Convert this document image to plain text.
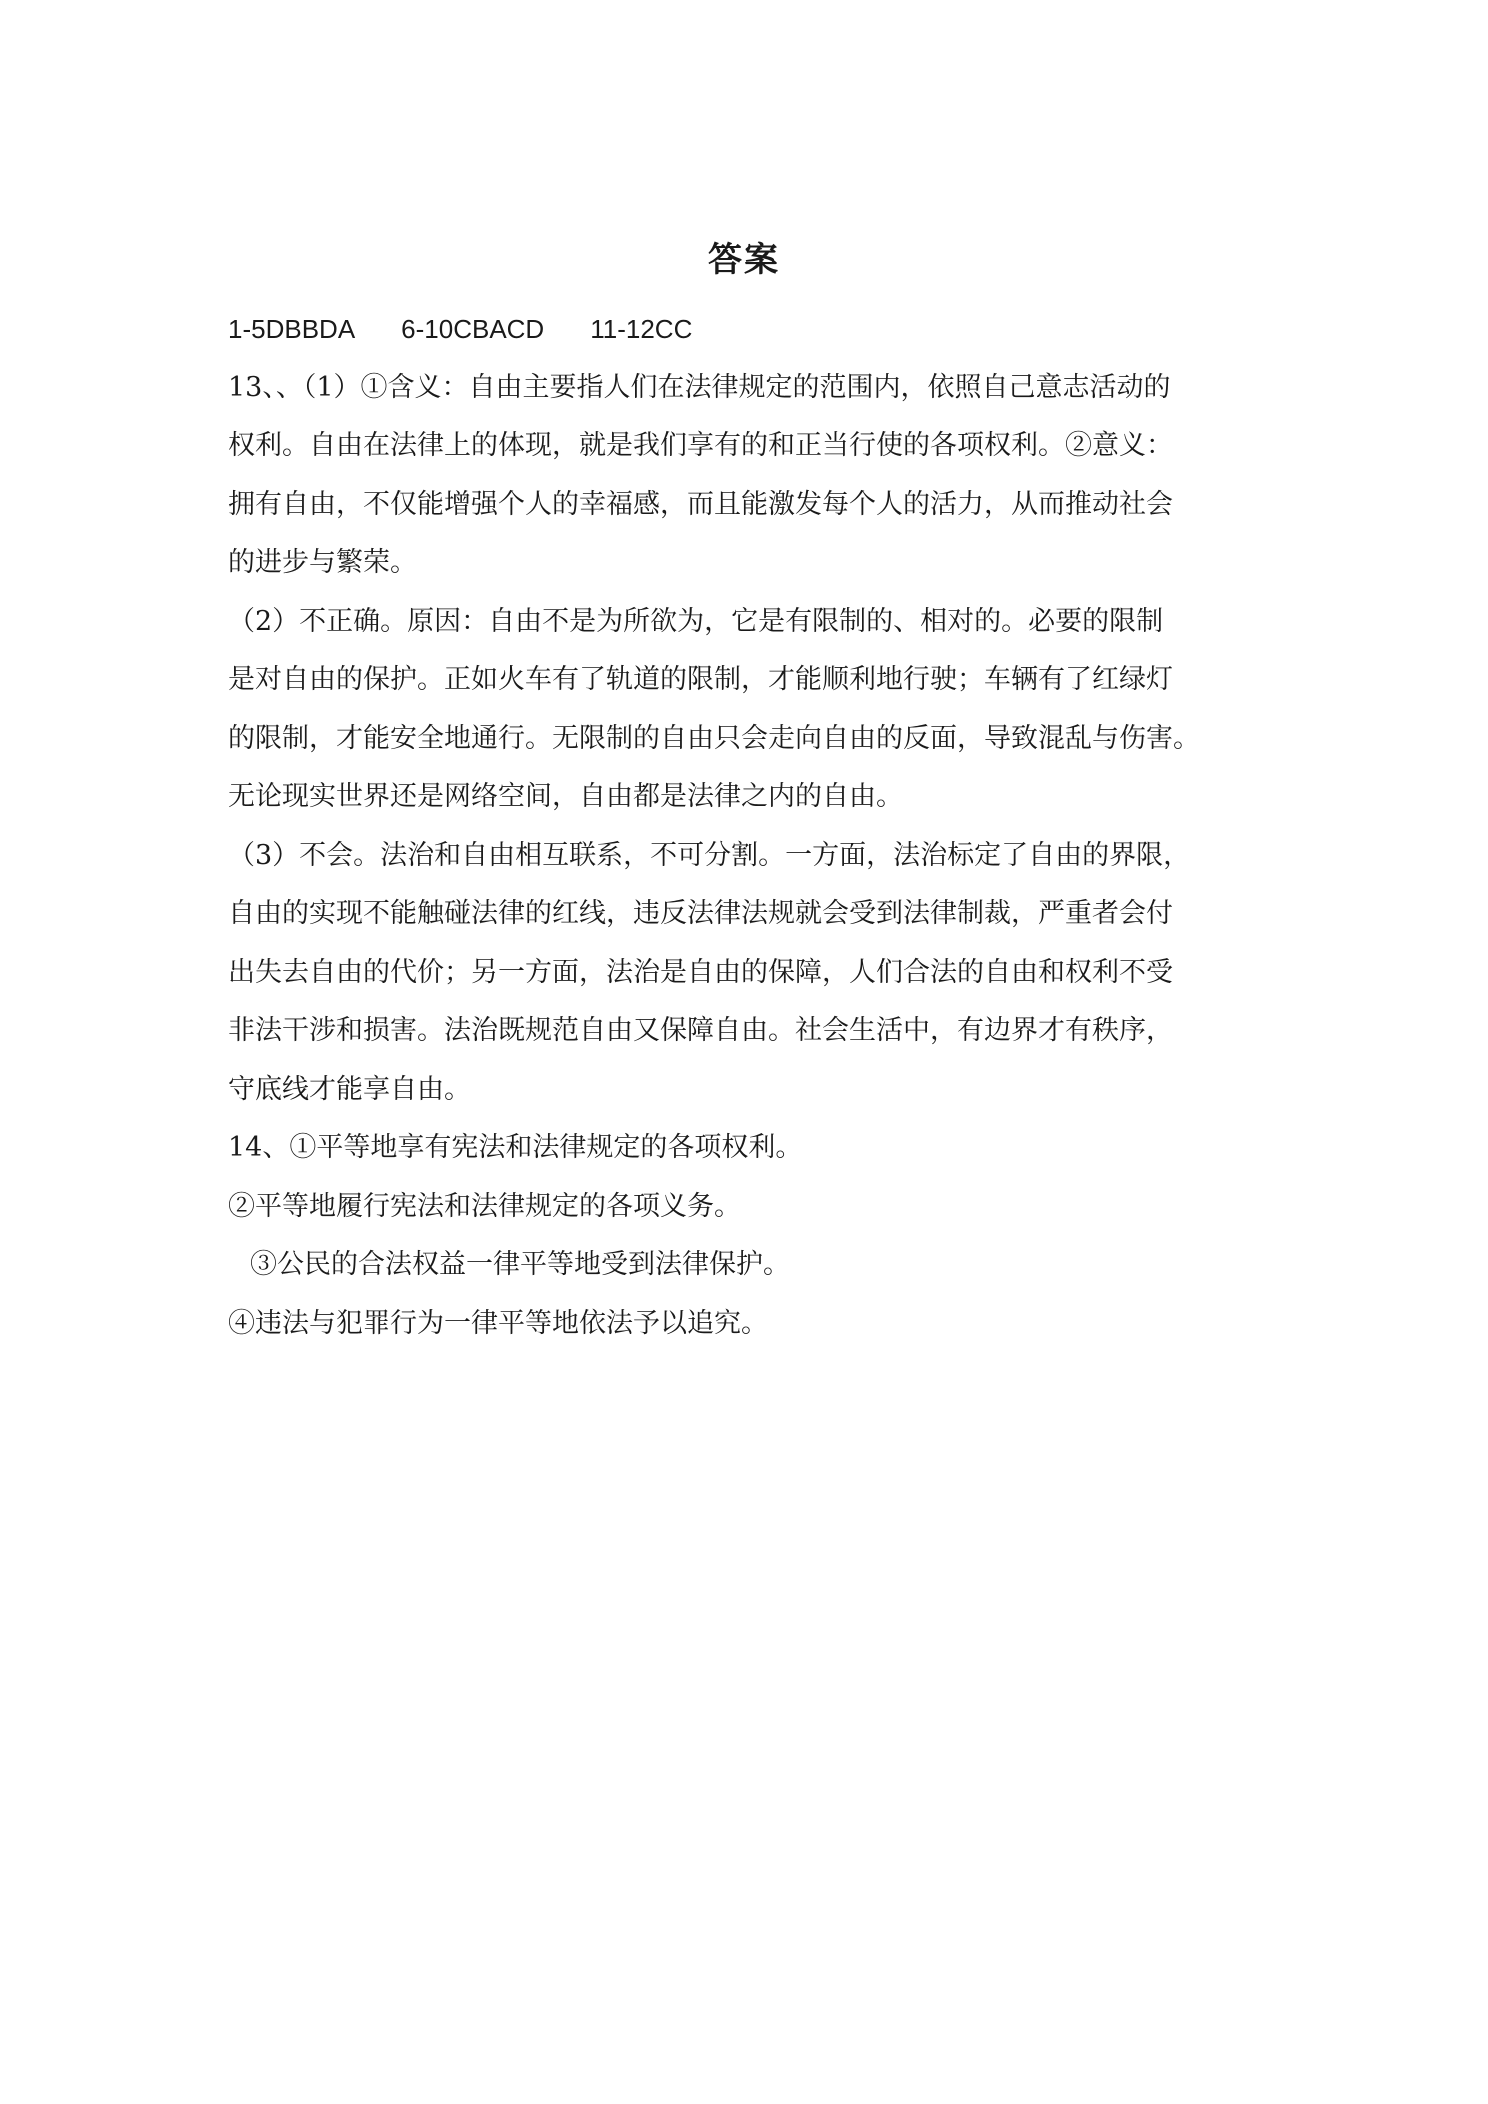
答案
1-5DBBDA 6-10CBACD 11-12CC
13、、（1）①含义：自由主要指人们在法律规定的范围内，依照自己意志活动的
权利。自由在法律上的体现，就是我们享有的和正当行使的各项权利。②意义：
拥有自由，不仅能增强个人的幸福感，而且能激发每个人的活力，从而推动社会
的进步与繁荣。
（2）不正确。原因：自由不是为所欲为，它是有限制的、相对的。必要的限制
是对自由的保护。正如火车有了轨道的限制，才能顺利地行驶；车辆有了红绿灯
的限制，才能安全地通行。无限制的自由只会走向自由的反面，导致混乱与伤害。
无论现实世界还是网络空间，自由都是法律之内的自由。
（3）不会。法治和自由相互联系，不可分割。一方面，法治标定了自由的界限，
自由的实现不能触碰法律的红线，违反法律法规就会受到法律制裁，严重者会付
出失去自由的代价；另一方面，法治是自由的保障，人们合法的自由和权利不受
非法干涉和损害。法治既规范自由又保障自由。社会生活中，有边界才有秩序，
守底线才能享自由。
14、①平等地享有宪法和法律规定的各项权利。
②平等地履行宪法和法律规定的各项义务。
③公民的合法权益一律平等地受到法律保护。
④违法与犯罪行为一律平等地依法予以追究。
